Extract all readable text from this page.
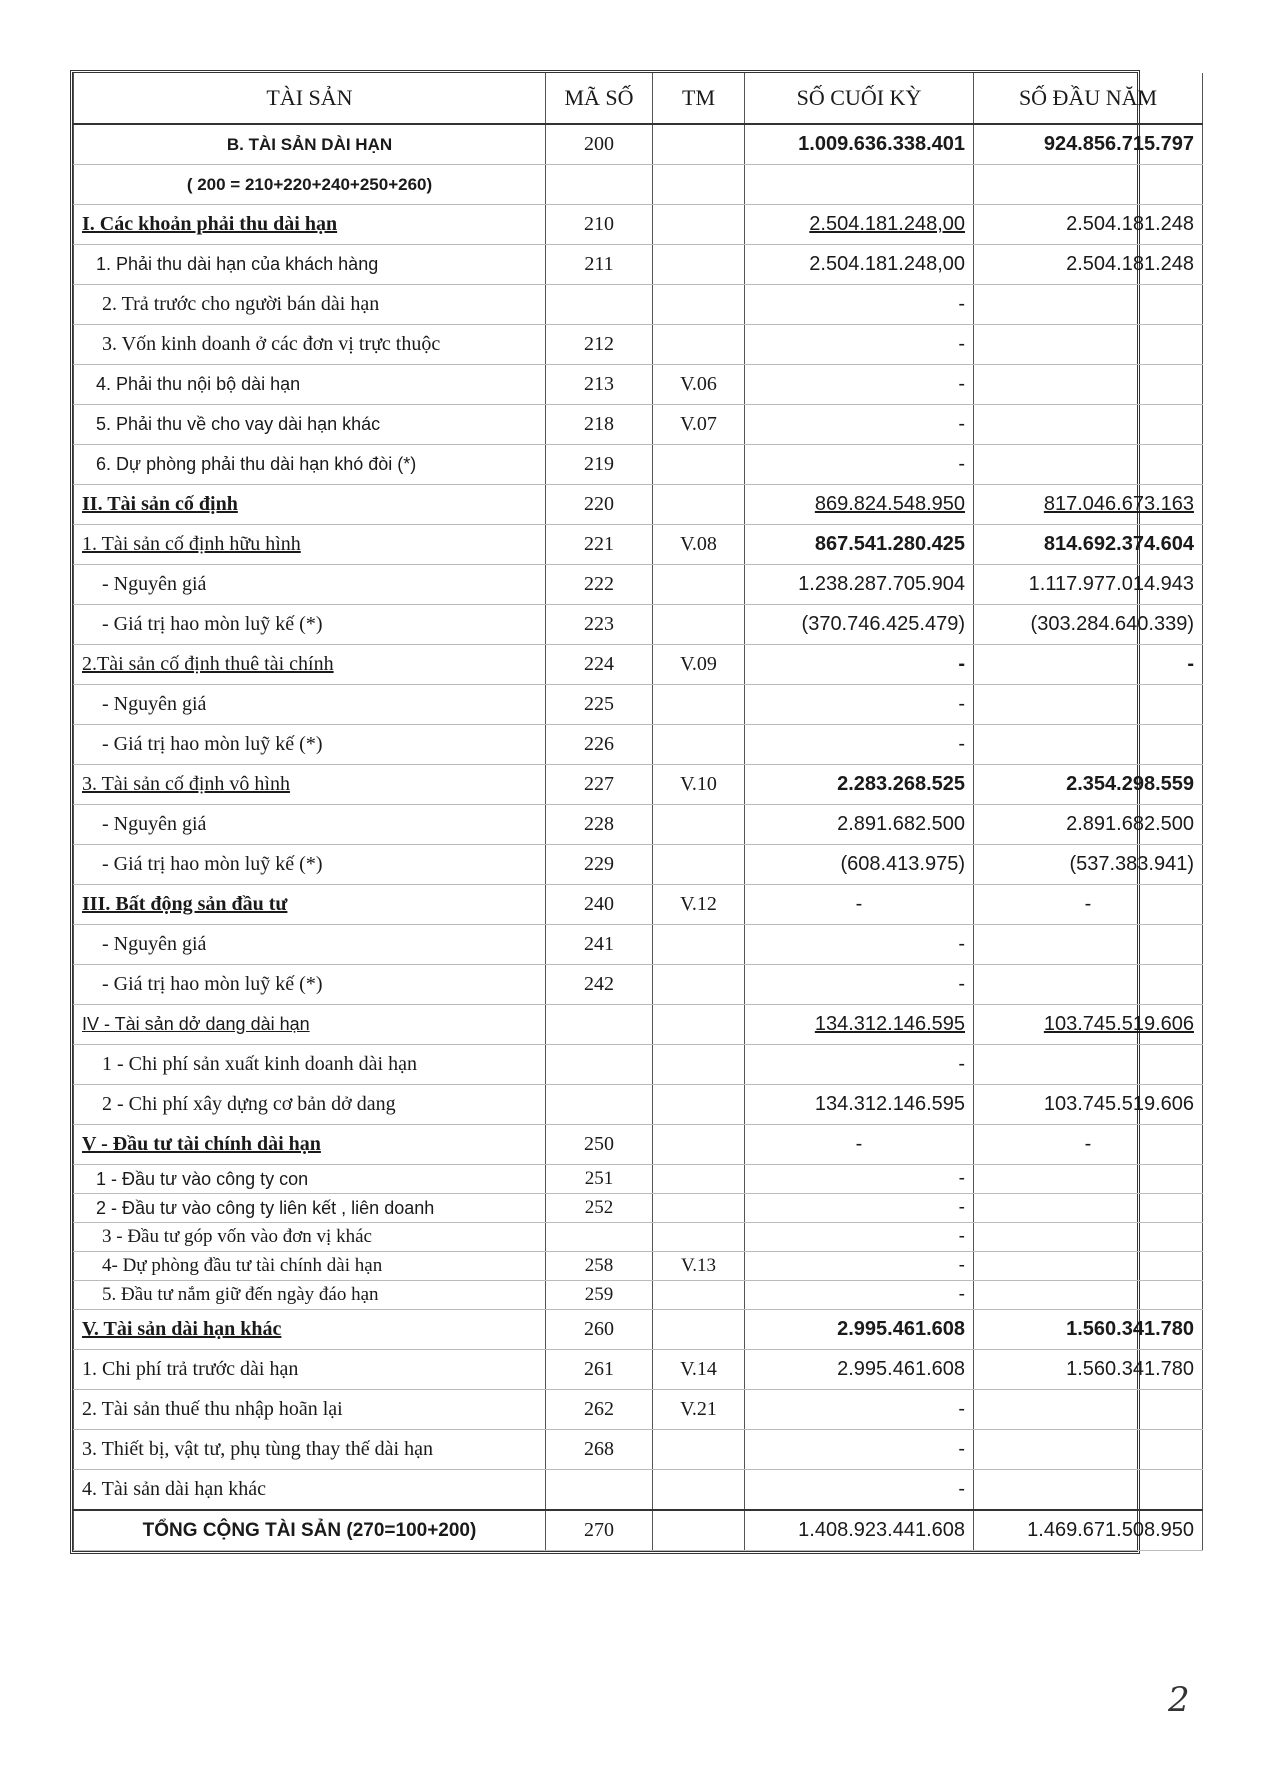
TÀI SẢN	MÃ SỐ	TM	SỐ CUỐI KỲ	SỐ ĐẦU NĂM
B. TÀI SẢN DÀI HẠN	200		1.009.636.338.401	924.856.715.797
( 200 = 210+220+240+250+260)				
I. Các khoản phải thu dài hạn	210		2.504.181.248,00	2.504.181.248
1. Phải thu dài hạn của khách hàng	211		2.504.181.248,00	2.504.181.248
2. Trả trước cho người bán dài hạn			-	
3. Vốn kinh doanh ở các đơn vị trực thuộc	212		-	
4. Phải thu nội bộ dài hạn	213	V.06	-	
5. Phải thu về cho vay dài hạn khác	218	V.07	-	
6. Dự phòng phải thu dài hạn khó đòi (*)	219		-	
II. Tài sản cố định	220		869.824.548.950	817.046.673.163
1. Tài sản cố định hữu hình	221	V.08	867.541.280.425	814.692.374.604
- Nguyên giá	222		1.238.287.705.904	1.117.977.014.943
- Giá trị hao mòn luỹ kế (*)	223		(370.746.425.479)	(303.284.640.339)
2.Tài sản cố định thuê tài chính	224	V.09	-	-
- Nguyên giá	225		-	
- Giá trị hao mòn luỹ kế (*)	226		-	
3. Tài sản cố định vô hình	227	V.10	2.283.268.525	2.354.298.559
- Nguyên giá	228		2.891.682.500	2.891.682.500
- Giá trị hao mòn luỹ kế (*)	229		(608.413.975)	(537.383.941)
III. Bất động sản đầu tư	240	V.12	-	-
- Nguyên giá	241		-	
- Giá trị hao mòn luỹ kế (*)	242		-	
IV - Tài sản dở dang dài hạn			134.312.146.595	103.745.519.606
1 - Chi phí sản xuất kinh doanh dài hạn			-	
2 - Chi phí xây dựng cơ bản dở dang			134.312.146.595	103.745.519.606
V - Đầu tư tài chính dài hạn	250		-	-
1 - Đầu tư vào công ty con	251		-	
2 - Đầu tư vào công ty liên kết , liên doanh	252		-	
3 - Đầu tư góp vốn vào đơn vị khác			-	
4- Dự phòng đầu tư tài chính dài hạn	258	V.13	-	
5. Đầu tư nắm giữ đến ngày đáo hạn	259		-	
V. Tài sản dài hạn khác	260		2.995.461.608	1.560.341.780
1. Chi phí trả trước dài hạn	261	V.14	2.995.461.608	1.560.341.780
2. Tài sản thuế thu nhập hoãn lại	262	V.21	-	
3. Thiết bị, vật tư, phụ tùng thay thế dài hạn	268		-	
4. Tài sản dài hạn khác			-	
TỔNG CỘNG TÀI SẢN (270=100+200)	270		1.408.923.441.608	1.469.671.508.950
2
